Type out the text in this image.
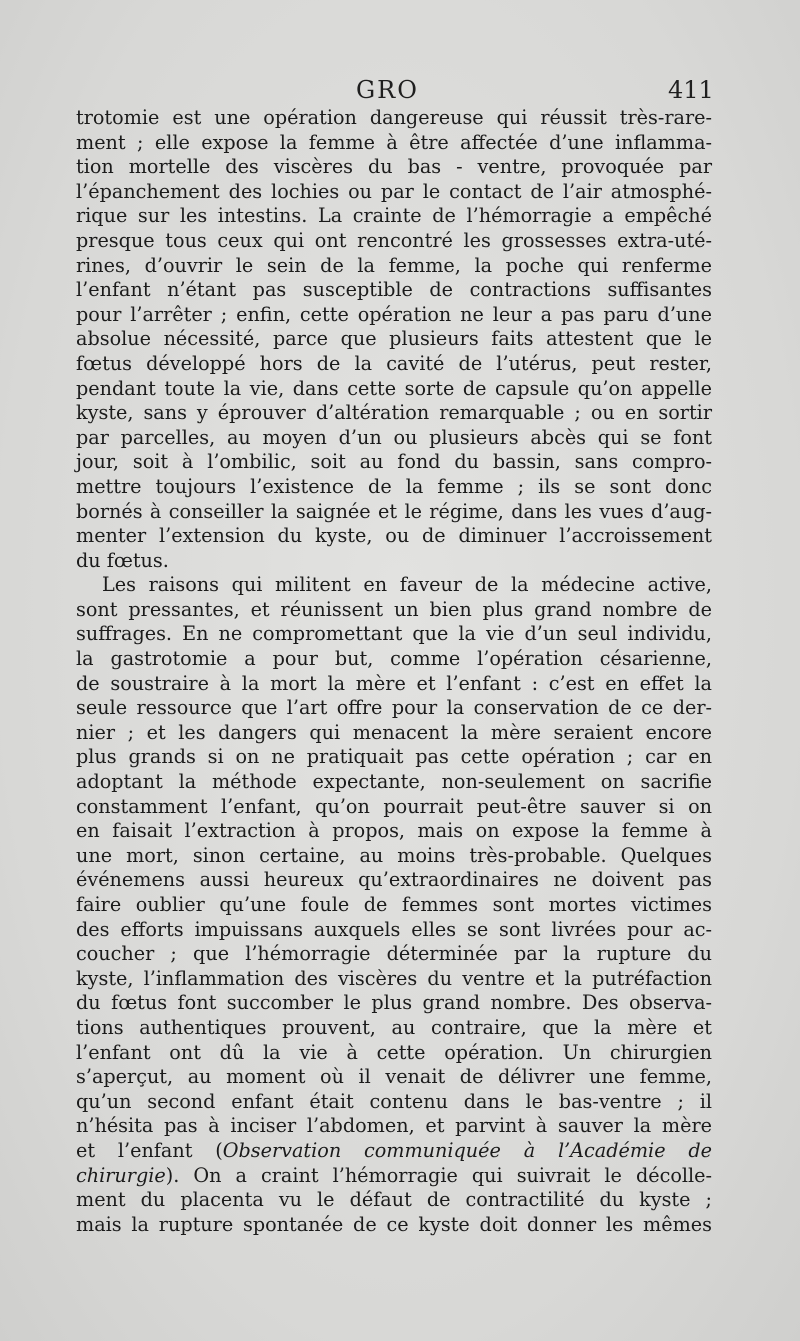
GRO	411
trotomie est une opération dangereuse qui réussit très-rare-
ment ; elle expose la femme à être affectée d’une inflamma-
tion mortelle des viscères du bas - ventre, provoquée par
l’épanchement des lochies ou par le contact de l’air atmosphé-
rique sur les intestins. La crainte de l’hémorragie a empêché
presque tous ceux qui ont rencontré les grossesses extra-uté-
rines, d’ouvrir le sein de la femme, la poche qui renferme
l’enfant n’étant pas susceptible de contractions suffisantes
pour l’arrêter ; enfin, cette opération ne leur a pas paru d’une
absolue nécessité, parce que plusieurs faits attestent que le
fœtus développé hors de la cavité de l’utérus, peut rester,
pendant toute la vie, dans cette sorte de capsule qu’on appelle
kyste, sans y éprouver d’altération remarquable ; ou en sortir
par parcelles, au moyen d’un ou plusieurs abcès qui se font
jour, soit à l’ombilic, soit au fond du bassin, sans compro-
mettre toujours l’existence de la femme ; ils se sont donc
bornés à conseiller la saignée et le régime, dans les vues d’aug-
menter l’extension du kyste, ou de diminuer l’accroissement
du fœtus.
Les raisons qui militent en faveur de la médecine active,
sont pressantes, et réunissent un bien plus grand nombre de
suffrages. En ne compromettant que la vie d’un seul individu,
la gastrotomie a pour but, comme l’opération césarienne,
de soustraire à la mort la mère et l’enfant : c’est en effet la
seule ressource que l’art offre pour la conservation de ce der-
nier ; et les dangers qui menacent la mère seraient encore
plus grands si on ne pratiquait pas cette opération ; car en
adoptant la méthode expectante, non-seulement on sacrifie
constamment l’enfant, qu’on pourrait peut-être sauver si on
en faisait l’extraction à propos, mais on expose la femme à
une mort, sinon certaine, au moins très-probable. Quelques
événemens aussi heureux qu’extraordinaires ne doivent pas
faire oublier qu’une foule de femmes sont mortes victimes
des efforts impuissans auxquels elles se sont livrées pour ac-
coucher ; que l’hémorragie déterminée par la rupture du
kyste, l’inflammation des viscères du ventre et la putréfaction
du fœtus font succomber le plus grand nombre. Des observa-
tions authentiques prouvent, au contraire, que la mère et
l’enfant ont dû la vie à cette opération. Un chirurgien
s’aperçut, au moment où il venait de délivrer une femme,
qu’un second enfant était contenu dans le bas-ventre ; il
n’hésita pas à inciser l’abdomen, et parvint à sauver la mère
et l’enfant (Observation communiquée à l’Académie de
chirurgie). On a craint l’hémorragie qui suivrait le décolle-
ment du placenta vu le défaut de contractilité du kyste ;
mais la rupture spontanée de ce kyste doit donner les mêmes
